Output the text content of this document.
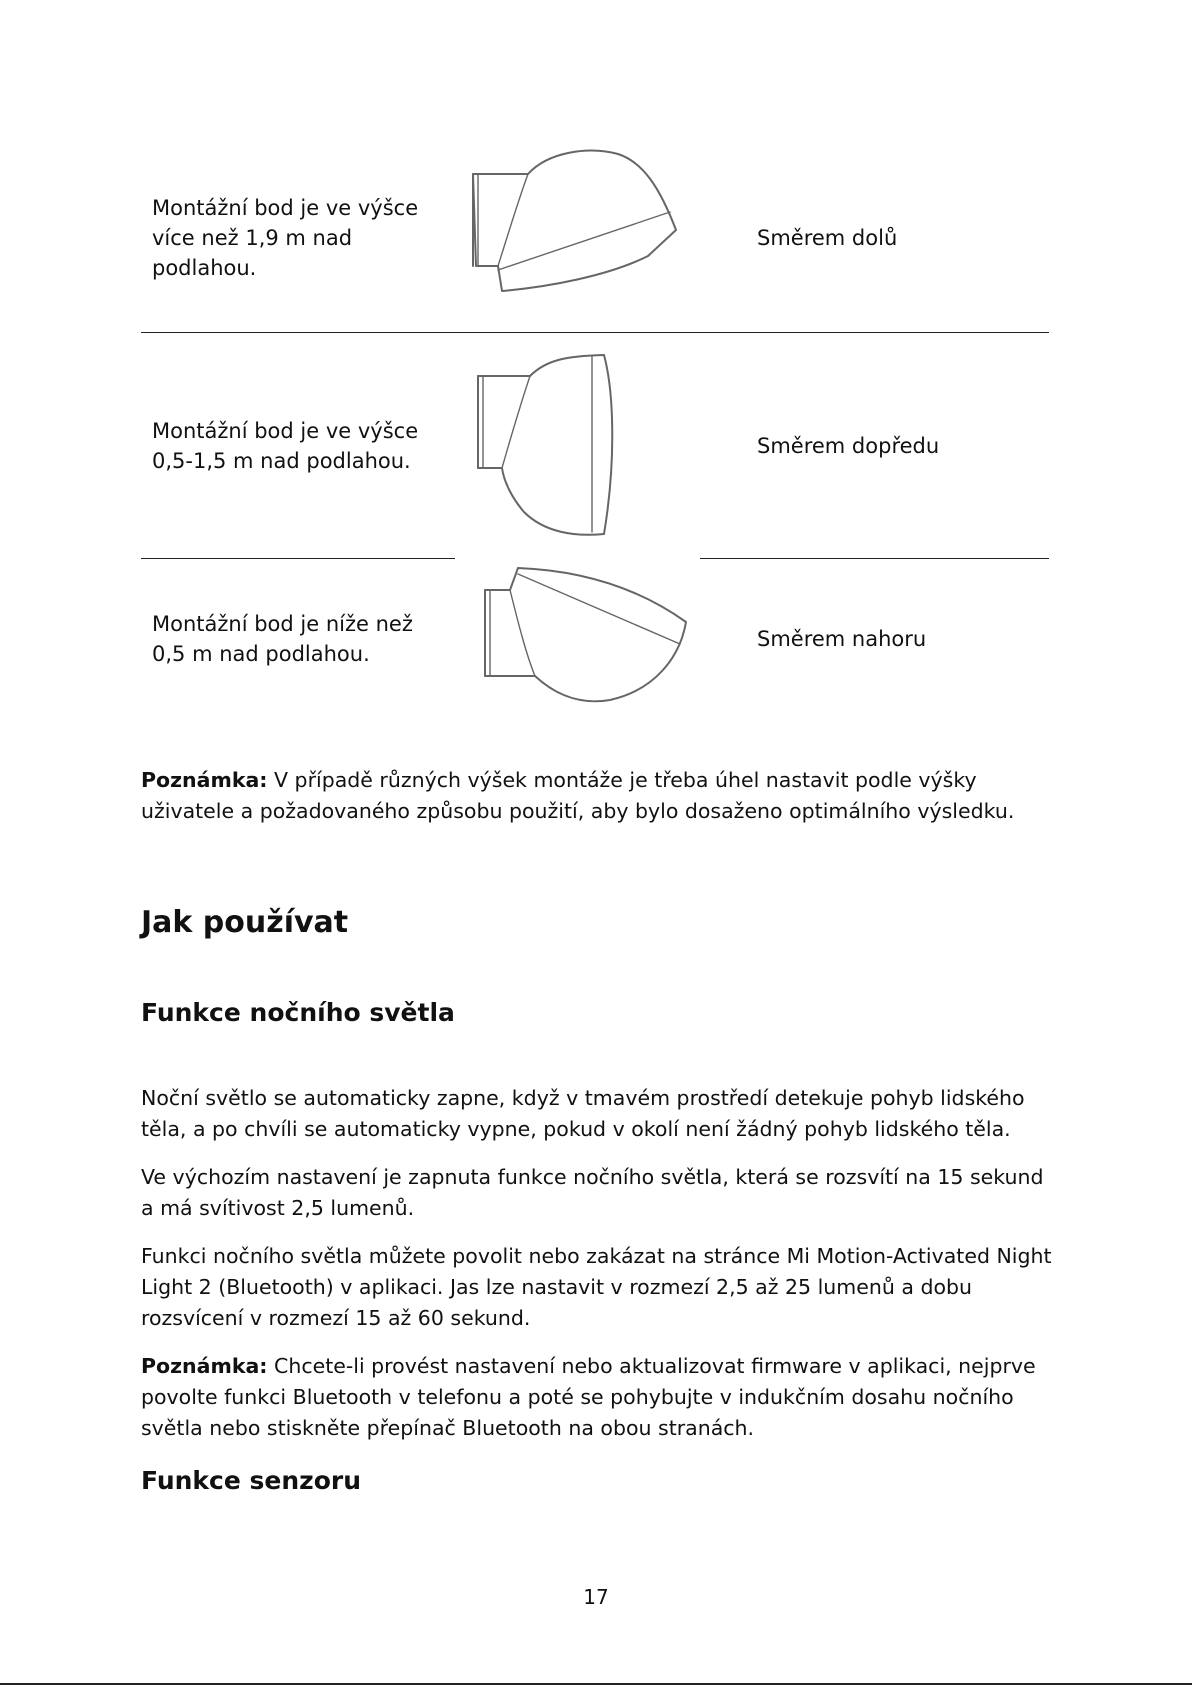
Montážní bod je ve výšce více než 1,9 m nad podlahou.
Směrem dolů
Montážní bod je ve výšce 0,5-1,5 m nad podlahou.
Směrem dopředu
Montážní bod je níže než 0,5 m nad podlahou.
Směrem nahoru
Poznámka: V případě různých výšek montáže je třeba úhel nastavit podle výšky uživatele a požadovaného způsobu použití, aby bylo dosaženo optimálního výsledku.
Jak používat
Funkce nočního světla
Noční světlo se automaticky zapne, když v tmavém prostředí detekuje pohyb lidského těla, a po chvíli se automaticky vypne, pokud v okolí není žádný pohyb lidského těla.
Ve výchozím nastavení je zapnuta funkce nočního světla, která se rozsvítí na 15 sekund a má svítivost 2,5 lumenů.
Funkci nočního světla můžete povolit nebo zakázat na stránce Mi Motion-Activated Night Light 2 (Bluetooth) v aplikaci. Jas lze nastavit v rozmezí 2,5 až 25 lumenů a dobu rozsvícení v rozmezí 15 až 60 sekund.
Poznámka: Chcete-li provést nastavení nebo aktualizovat firmware v aplikaci, nejprve povolte funkci Bluetooth v telefonu a poté se pohybujte v indukčním dosahu nočního světla nebo stiskněte přepínač Bluetooth na obou stranách.
Funkce senzoru
17
